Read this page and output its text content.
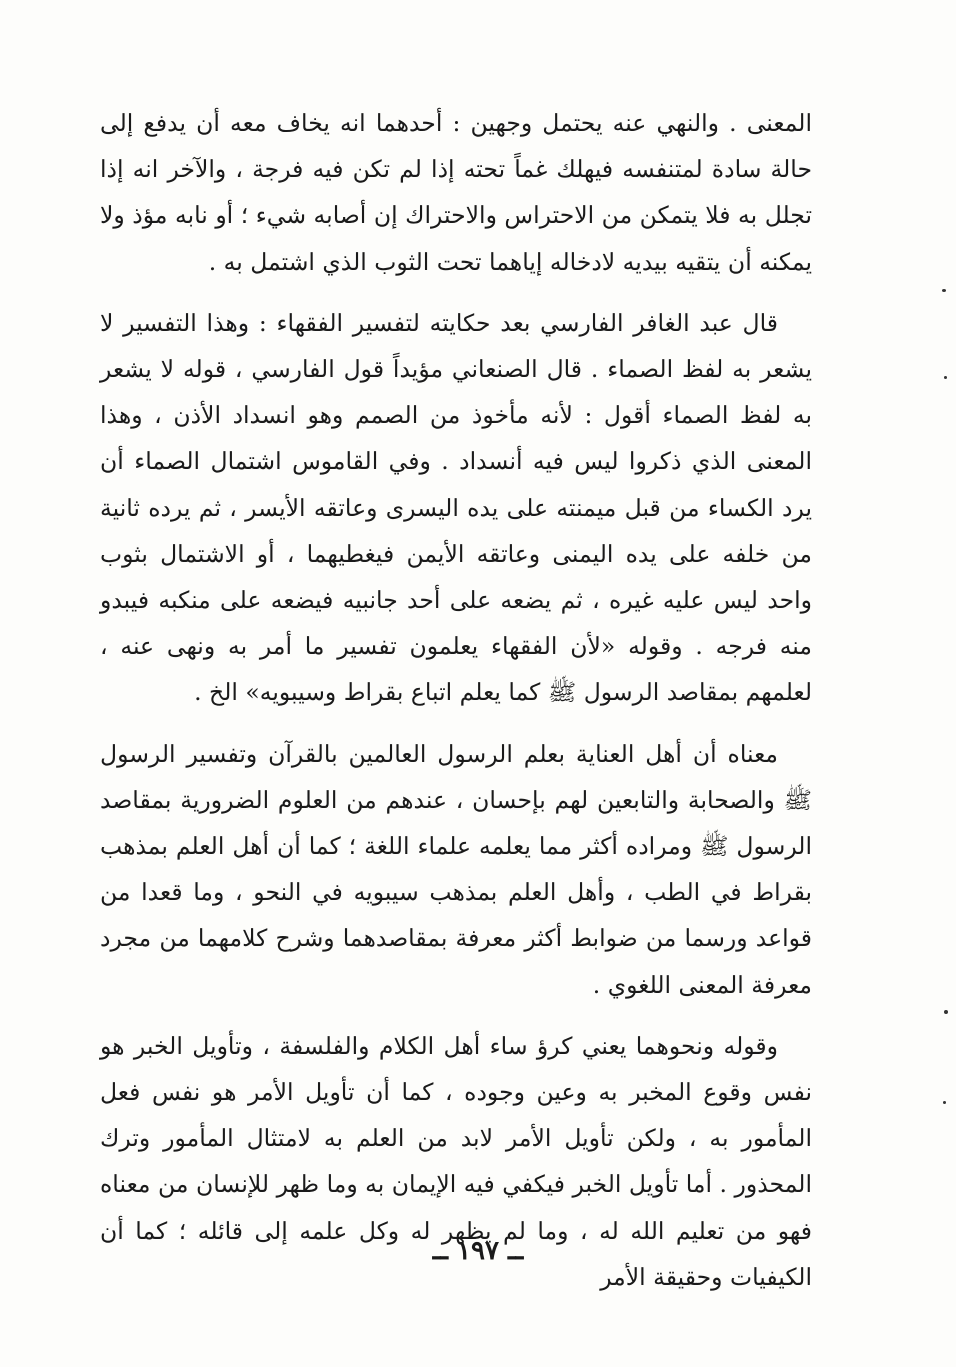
المعنى . والنهي عنه يحتمل وجهين : أحدهما انه يخاف معه أن يدفع إلى حالة سادة لمتنفسه فيهلك غماً تحته إذا لم تكن فيه فرجة ، والآخر انه إذا تجلل به فلا يتمكن من الاحتراس والاحتراك إن أصابه شيء ؛ أو نابه مؤذ ولا يمكنه أن يتقيه بيديه لادخاله إياهما تحت الثوب الذي اشتمل به .

قال عبد الغافر الفارسي بعد حكايته لتفسير الفقهاء : وهذا التفسير لا يشعر به لفظ الصماء . قال الصنعاني مؤيداً قول الفارسي ، قوله لا يشعر به لفظ الصماء أقول : لأنه مأخوذ من الصمم وهو انسداد الأذن ، وهذا المعنى الذي ذكروا ليس فيه أنسداد . وفي القاموس اشتمال الصماء أن يرد الكساء من قبل ميمنته على يده اليسرى وعاتقه الأيسر ، ثم يرده ثانية من خلفه على يده اليمنى وعاتقه الأيمن فيغطيهما ، أو الاشتمال بثوب واحد ليس عليه غيره ، ثم يضعه على أحد جانبيه فيضعه على منكبه فيبدو منه فرجه . وقوله «لأن الفقهاء يعلمون تفسير ما أمر به ونهى عنه ، لعلمهم بمقاصد الرسول ﷺ كما يعلم اتباع بقراط وسيبويه» الخ .

معناه أن أهل العناية بعلم الرسول العالمين بالقرآن وتفسير الرسول ﷺ والصحابة والتابعين لهم بإحسان ، عندهم من العلوم الضرورية بمقاصد الرسول ﷺ ومراده أكثر مما يعلمه علماء اللغة ؛ كما أن أهل العلم بمذهب بقراط في الطب ، وأهل العلم بمذهب سيبويه في النحو ، وما قعدا من قواعد ورسما من ضوابط أكثر معرفة بمقاصدهما وشرح كلامهما من مجرد معرفة المعنى اللغوي .

وقوله ونحوهما يعني كرؤ ساء أهل الكلام والفلسفة ، وتأويل الخبر هو نفس وقوع المخبر به وعين وجوده ، كما أن تأويل الأمر هو نفس فعل المأمور به ، ولكن تأويل الأمر لابد من العلم به لامتثال المأمور وترك المحذور . أما تأويل الخبر فيكفي فيه الإيمان به وما ظهر للإنسان من معناه فهو من تعليم الله له ، وما لم يظهر له وكل علمه إلى قائله ؛ كما أن الكيفيات وحقيقة الأمر

ــ ١٩٧ ــ
